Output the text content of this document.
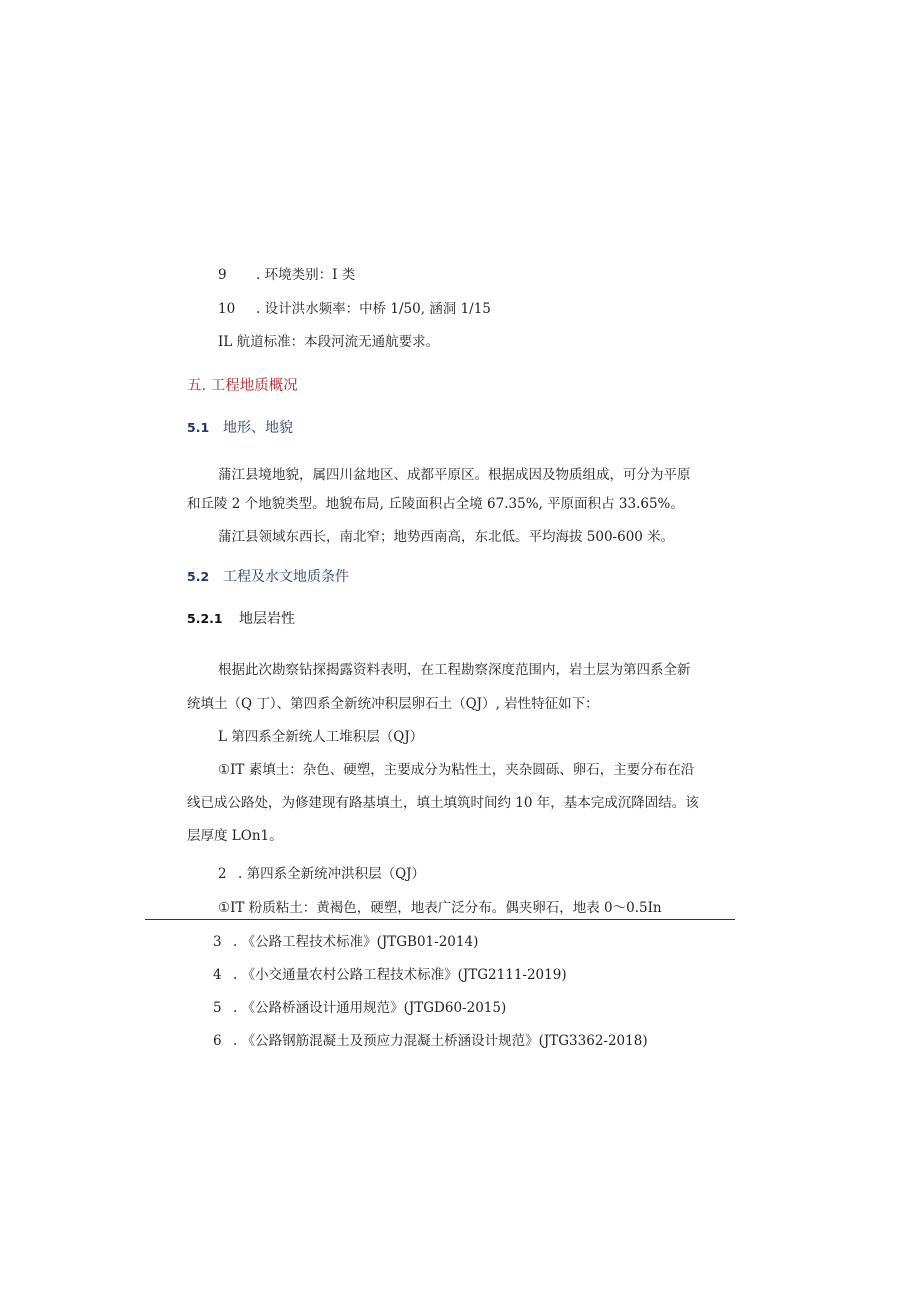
9 . 环境类别：I 类
10 . 设计洪水频率：中桥 1/50, 涵洞 1/15
IL 航道标准：本段河流无通航要求。
五. 工程地质概况
5.1 地形、地貌
蒲江县境地貌，属四川盆地区、成都平原区。根据成因及物质组成，可分为平原
和丘陵 2 个地貌类型。地貌布局, 丘陵面积占全境 67.35%, 平原面积占 33.65%。
蒲江县领域东西长，南北窄；地势西南高，东北低。平均海拔 500-600 米。
5.2 工程及水文地质条件
5.2.1 地层岩性
根据此次勘察钻探揭露资料表明，在工程勘察深度范围内，岩土层为第四系全新
统填土（Q 丁）、第四系全新统冲积层卵石土（QJ）, 岩性特征如下：
L 第四系全新统人工堆积层（QJ）
①IT 素填土：杂色、硬塑，主要成分为粘性土，夹杂圆砾、卵石，主要分布在沿
线已成公路处，为修建现有路基填土，填土填筑时间约 10 年，基本完成沉降固结。该
层厚度 LOn1。
2 . 第四系全新统冲洪积层（QJ）
①IT 粉质粘土：黄褐色，硬塑，地表广泛分布。偶夹卵石，地表 0～0.5In
3 . 《公路工程技术标准》(JTGB01-2014)
4 . 《小交通量农村公路工程技术标准》(JTG2111-2019)
5 . 《公路桥涵设计通用规范》(JTGD60-2015)
6 . 《公路钢筋混凝土及预应力混凝土桥涵设计规范》(JTG3362-2018)
